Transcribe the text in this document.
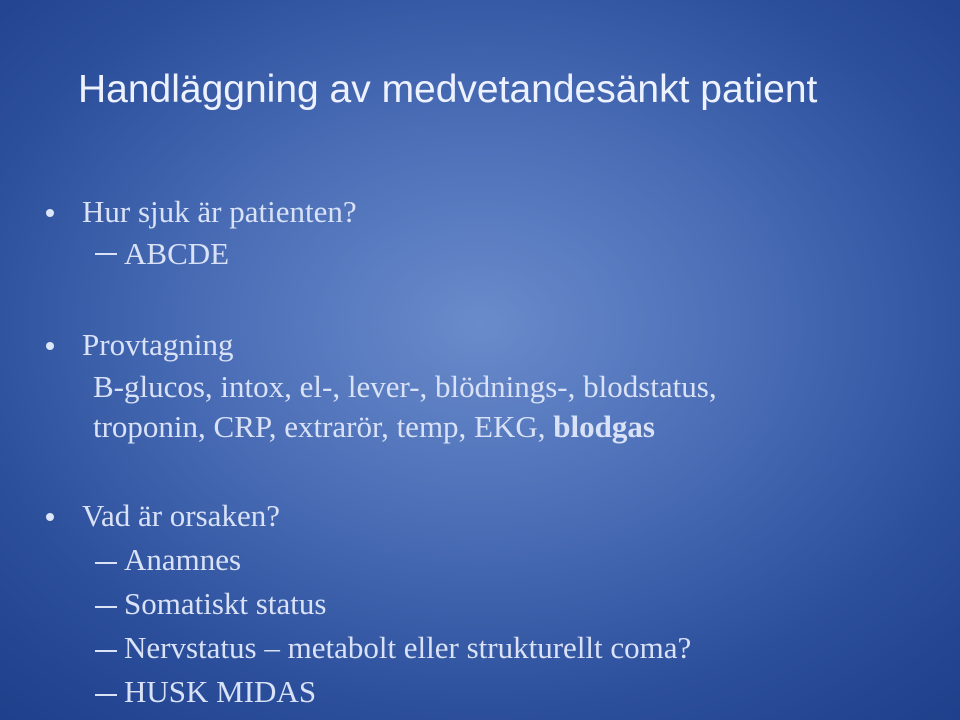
Handläggning av medvetandesänkt patient
Hur sjuk är patienten?
ABCDE
Provtagning
B-glucos, intox, el-, lever-, blödnings-, blodstatus,
troponin, CRP, extrarör, temp, EKG, blodgas
Vad är orsaken?
Anamnes
Somatiskt status
Nervstatus – metabolt eller strukturellt coma?
HUSK MIDAS
